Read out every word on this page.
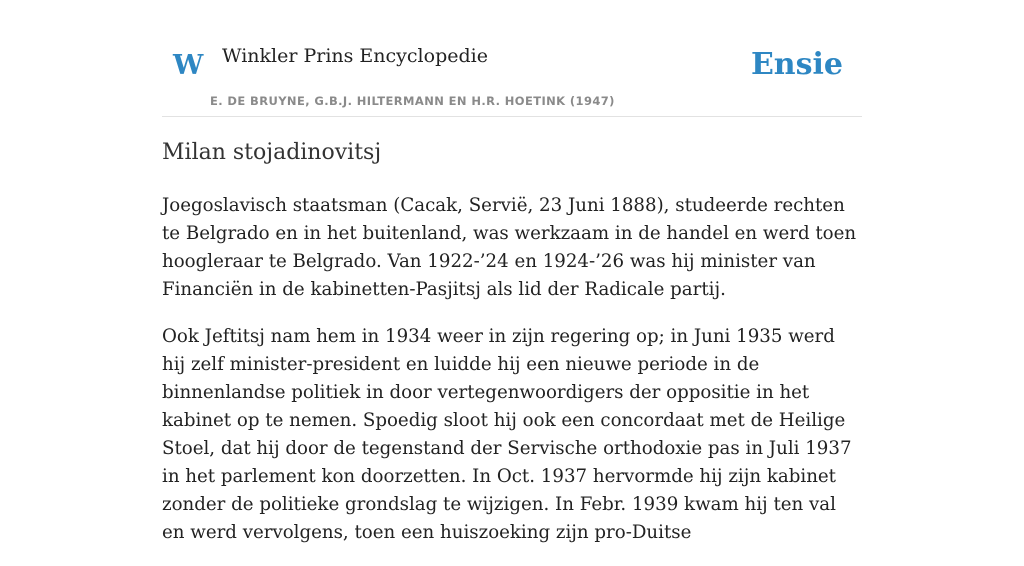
W Winkler Prins Encyclopedie
E. DE BRUYNE, G.B.J. HILTERMANN EN H.R. HOETINK (1947)
Ensie
Milan stojadinovitsj

Joegoslavisch staatsman (Cacak, Servië, 23 Juni 1888), studeerde rechten te Belgrado en in het buitenland, was werkzaam in de handel en werd toen hoogleraar te Belgrado. Van 1922-’24 en 1924-’26 was hij minister van Financiën in de kabinetten-Pasjitsj als lid der Radicale partij.

Ook Jeftitsj nam hem in 1934 weer in zijn regering op; in Juni 1935 werd hij zelf minister-president en luidde hij een nieuwe periode in de binnenlandse politiek in door vertegenwoordigers der oppositie in het kabinet op te nemen. Spoedig sloot hij ook een concordaat met de Heilige Stoel, dat hij door de tegenstand der Servische orthodoxie pas in Juli 1937 in het parlement kon doorzetten. In Oct. 1937 hervormde hij zijn kabinet zonder de politieke grondslag te wijzigen. In Febr. 1939 kwam hij ten val en werd vervolgens, toen een huiszoeking zijn pro-Duitse
